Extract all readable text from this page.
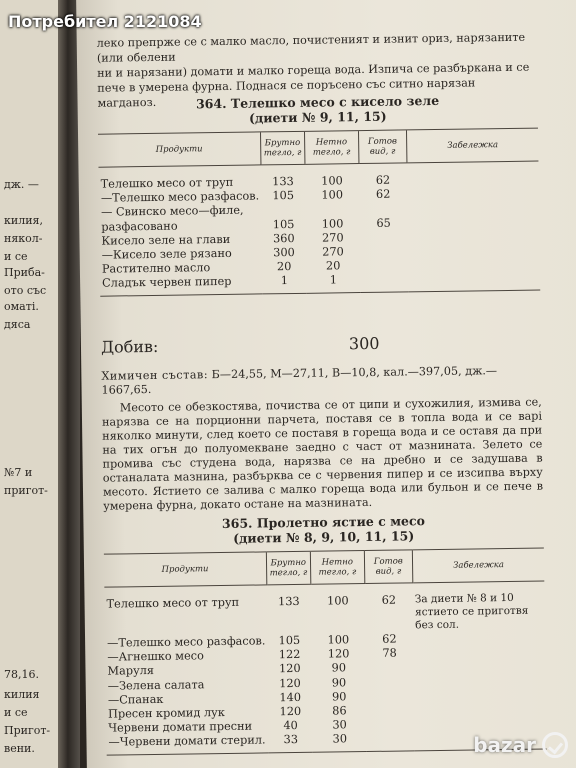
дж. —
килия,
някол-
и се
Прибa-
ото със
оматі.
дяса
№7 и
пригот-
78,16.
килия
и се
Пригот-
вени.
леко препрже се с малко масло, почистеният и изнит ориз, нарязаните (или обелени
ни и нарязани) домати и малко гореща вода. Изпича се разбъркана и се
пече в умерена фурна. Поднася се поръсено със ситно нарязан магданоз.	364. Телешко месо с кисело зеле

(диети № 9, 11, 15)

Продукти	Брутно тегло, г	Нетно тегло, г	Готов вид, г	Забележка
Телешко месо от труп	133	100	62	
—Телешко месо разфасов.	105	100	62	
— Свинско месо—филе,				
разфасовано	105	100	65	
Кисело зеле на глави	360	270		
—Кисело зеле рязано	300	270		
Растително масло	20	20		
Сладък червен пипер	1	1		
Добив:	300
Химичен състав: Б—24,55, М—27,11, В—10,8, кал.—397,05, дж.—1667,65.

Месото се обезкостява, почиства се от ципи и сухожилия, измива се, нарязва се на порционни парчета, поставя се в топла вода и се варі няколко минути, след което се поставя в гореща вода и се оставя да при на тих огън до полуомекване заедно с част от мазнината. Зелето се промива със студена вода, нарязва се на дребно и се задушава в останалата мазнина, разбърква се с червения пипер и се изсипва върху месото. Ястието се залива с малко гореща вода или бульон и се пече в умерена фурна, докато остане на мазнината.

365. Пролетно ястие с месо

(диети № 8, 9, 10, 11, 15)

Продукти	Брутно тегло, г	Нетно тегло, г	Готов вид, г	Забележка
Телешко месо от труп	133	100	62	За диети № 8 и 10 ястието се приготвя без сол.
—Телешко месо разфасов.	105	100	62	
—Агнешко месо	122	120	78	
Маруля	120	90		
—Зелена салата	120	90		
—Спанак	140	90		
Пресен кромид лук	120	86		
Червени домати пресни	40	30		
—Червени домати стерил.	33	30		
Потребител 2121084
bazar
